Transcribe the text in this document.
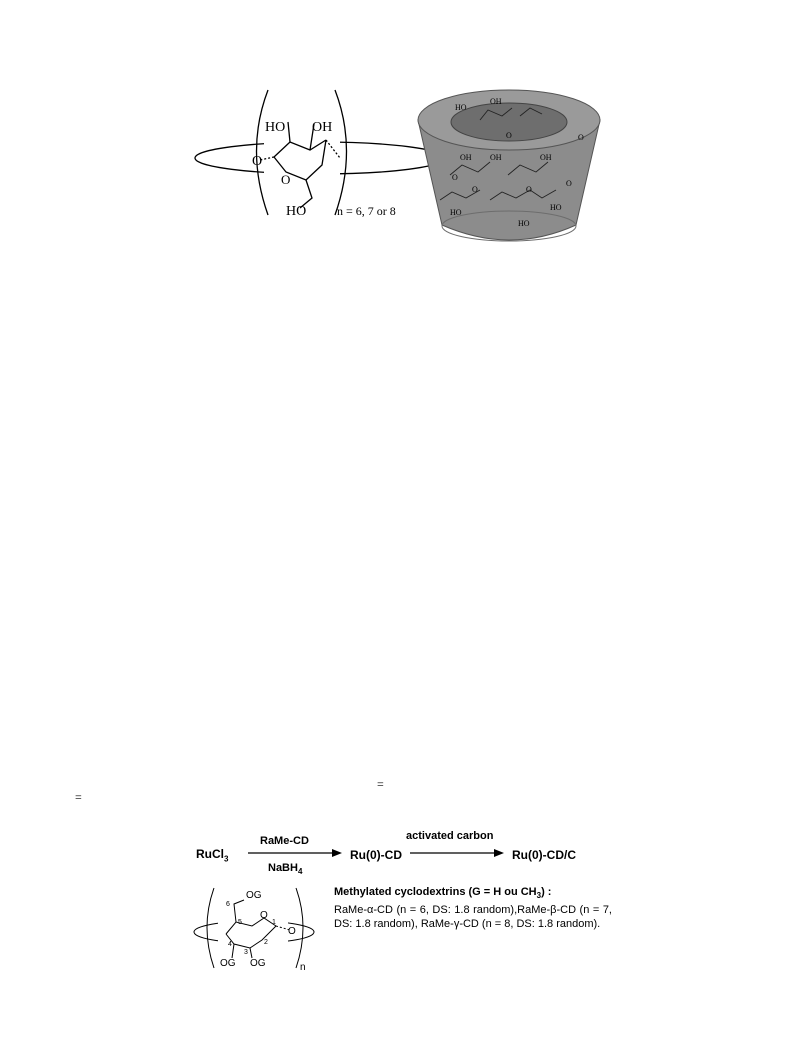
HO OH
O
O
HO	n = 6, 7 or 8
OH OH	OH
OH
O	O
O
HO
HO
HO
HO
O
O
O
=
=
RuCl$_3$
RaMe-CD
NaBH$_4$
Ru(0)-CD
activated carbon
Ru(0)-CD/C
OG
OG OG
O
O
1
2
3
4
5
6
n
Methylated cyclodextrins (G = H ou $CH_3$) :
RaMe-α-CD (n = 6, DS: 1.8 random),RaMe-β-CD (n = 7, DS: 1.8 random), RaMe-γ-CD (n = 8, DS: 1.8 random).
